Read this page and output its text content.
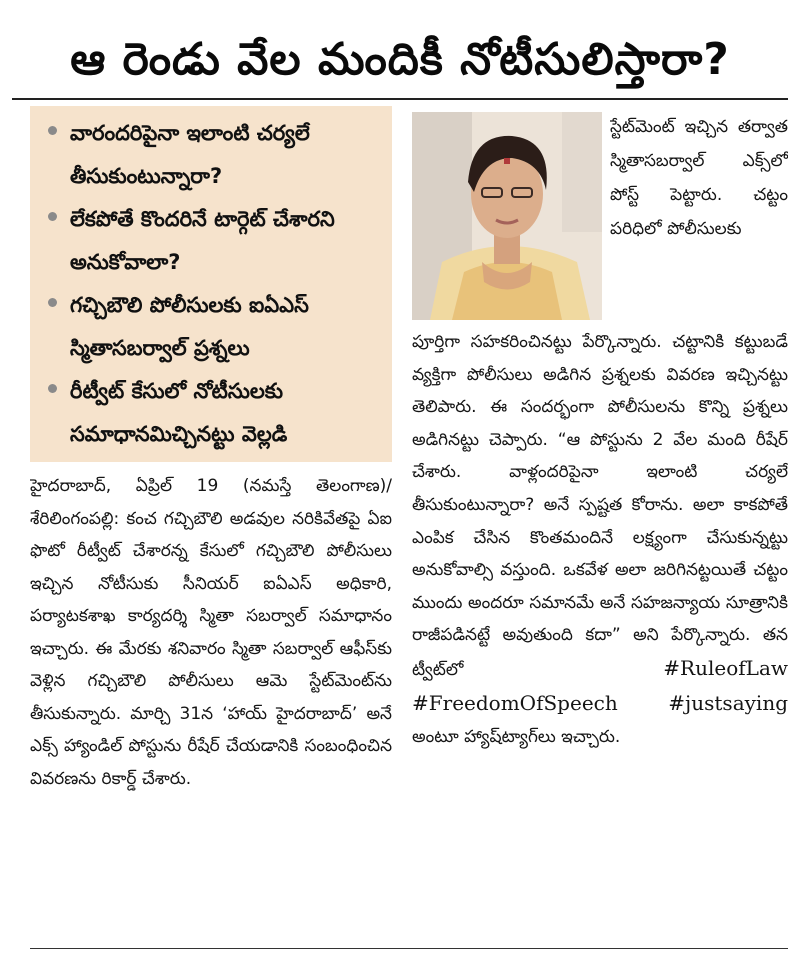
ఆ రెండు వేల మందికీ నోటీసులిస్తారా?
వారందరిపైనా ఇలాంటి చర్యలే తీసుకుంటున్నారా?
లేకపోతే కొందరినే టార్గెట్ చేశారని అనుకోవాలా?
గచ్చిబౌలి పోలీసులకు ఐఏఎస్ స్మితాసబర్వాల్ ప్రశ్నలు
రీట్వీట్ కేసులో నోటీసులకు సమాధానమిచ్చినట్టు వెల్లడి
హైదరాబాద్, ఏప్రిల్ 19 (నమస్తే తెలంగాణ)/శేరిలింగంపల్లి: కంచ గచ్చిబౌలి అడవుల నరికివేతపై ఏఐ ఫొటో రీట్వీట్ చేశారన్న కేసులో గచ్చిబౌలి పోలీసులు ఇచ్చిన నోటీసుకు సీనియర్ ఐఏఎస్ అధికారి, పర్యాటకశాఖ కార్యదర్శి స్మితా సబర్వాల్ సమాధానం ఇచ్చారు. ఈ మేరకు శనివారం స్మితా సబర్వాల్ ఆఫీస్‌కు వెళ్లిన గచ్చిబౌలి పోలీసులు ఆమె స్టేట్‌మెంట్‌ను తీసుకున్నారు. మార్చి 31న ‘హాయ్ హైదరాబాద్’ అనే ఎక్స్ హ్యాండిల్ పోస్టును రీషేర్ చేయడానికి సంబంధించిన వివరణను రికార్డ్ చేశారు.
స్టేట్‌మెంట్ ఇచ్చిన తర్వాత స్మితాసబర్వాల్ ఎక్స్‌లో పోస్ట్ పెట్టారు. చట్టం పరిధిలో పోలీసులకు
పూర్తిగా సహకరించినట్టు పేర్కొన్నారు. చట్టానికి కట్టుబడే వ్యక్తిగా పోలీసులు అడిగిన ప్రశ్నలకు వివరణ ఇచ్చినట్టు తెలిపారు. ఈ సందర్భంగా పోలీసులను కొన్ని ప్రశ్నలు అడిగినట్టు చెప్పారు. “ఆ పోస్టును 2 వేల మంది రీషేర్ చేశారు. వాళ్లందరిపైనా ఇలాంటి చర్యలే తీసుకుంటున్నారా? అనే స్పష్టత కోరాను. అలా కాకపోతే ఎంపిక చేసిన కొంతమందినే లక్ష్యంగా చేసుకున్నట్టు అనుకోవాల్సి వస్తుంది. ఒకవేళ అలా జరిగినట్టయితే చట్టం ముందు అందరూ సమానమే అనే సహజన్యాయ సూత్రానికి రాజీపడినట్టే అవుతుంది కదా” అని పేర్కొన్నారు. తన ట్వీట్‌లో	#RuleofLaw #FreedomOfSpeech #justsaying అంటూ హ్యాష్‌ట్యాగ్‌లు ఇచ్చారు.
